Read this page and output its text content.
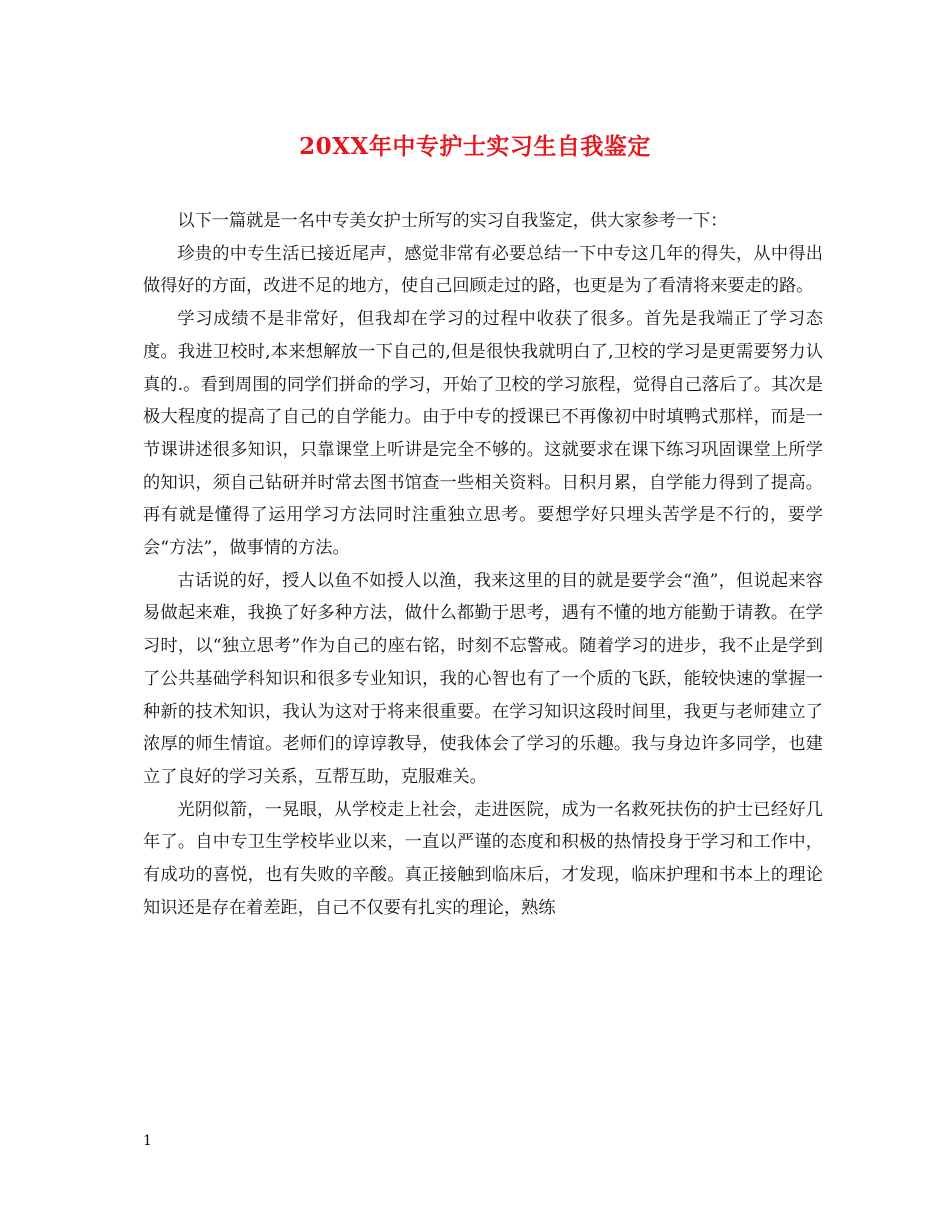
20XX年中专护士实习生自我鉴定

以下一篇就是一名中专美女护士所写的实习自我鉴定，供大家参考一下：

珍贵的中专生活已接近尾声，感觉非常有必要总结一下中专这几年的得失，从中得出做得好的方面，改进不足的地方，使自己回顾走过的路，也更是为了看清将来要走的路。

学习成绩不是非常好，但我却在学习的过程中收获了很多。首先是我端正了学习态度。我进卫校时,本来想解放一下自己的,但是很快我就明白了,卫校的学习是更需要努力认真的.。看到周围的同学们拼命的学习，开始了卫校的学习旅程，觉得自己落后了。其次是极大程度的提高了自己的自学能力。由于中专的授课已不再像初中时填鸭式那样，而是一节课讲述很多知识，只靠课堂上听讲是完全不够的。这就要求在课下练习巩固课堂上所学的知识，须自己钻研并时常去图书馆查一些相关资料。日积月累，自学能力得到了提高。再有就是懂得了运用学习方法同时注重独立思考。要想学好只埋头苦学是不行的，要学会“方法”，做事情的方法。

古话说的好，授人以鱼不如授人以渔，我来这里的目的就是要学会“渔”，但说起来容易做起来难，我换了好多种方法，做什么都勤于思考，遇有不懂的地方能勤于请教。在学习时，以“独立思考”作为自己的座右铭，时刻不忘警戒。随着学习的进步，我不止是学到了公共基础学科知识和很多专业知识，我的心智也有了一个质的飞跃，能较快速的掌握一种新的技术知识，我认为这对于将来很重要。在学习知识这段时间里，我更与老师建立了浓厚的师生情谊。老师们的谆谆教导，使我体会了学习的乐趣。我与身边许多同学，也建立了良好的学习关系，互帮互助，克服难关。

光阴似箭，一晃眼，从学校走上社会，走进医院，成为一名救死扶伤的护士已经好几年了。自中专卫生学校毕业以来，一直以严谨的态度和积极的热情投身于学习和工作中，有成功的喜悦，也有失败的辛酸。真正接触到临床后，才发现，临床护理和书本上的理论知识还是存在着差距，自己不仅要有扎实的理论，熟练

1
